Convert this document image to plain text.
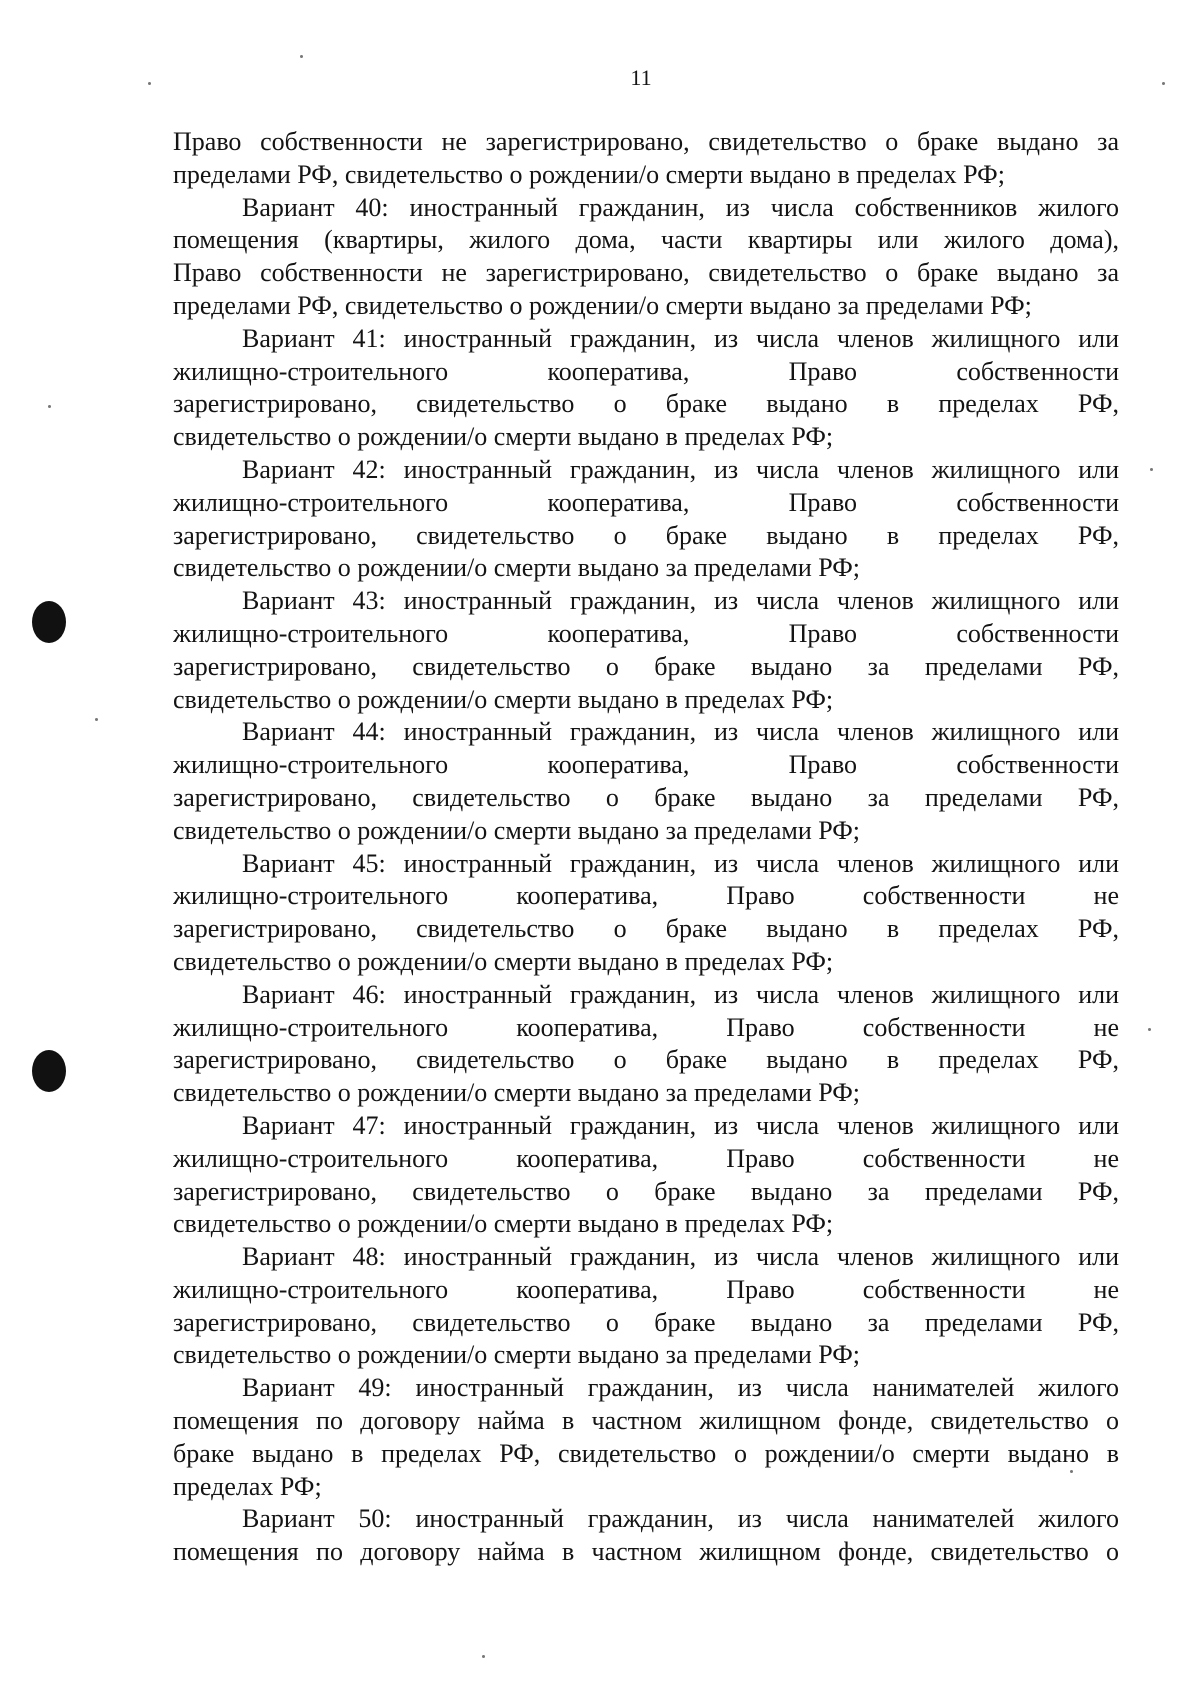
11
Право собственности не зарегистрировано, свидетельство о браке выдано за
пределами РФ, свидетельство о рождении/о смерти выдано в пределах РФ;
Вариант 40: иностранный гражданин, из числа собственников жилого
помещения (квартиры, жилого дома, части квартиры или жилого дома),
Право собственности не зарегистрировано, свидетельство о браке выдано за
пределами РФ, свидетельство о рождении/о смерти выдано за пределами РФ;
Вариант 41: иностранный гражданин, из числа членов жилищного или
жилищно-строительного кооператива, Право собственности
зарегистрировано, свидетельство о браке выдано в пределах РФ,
свидетельство о рождении/о смерти выдано в пределах РФ;
Вариант 42: иностранный гражданин, из числа членов жилищного или
жилищно-строительного кооператива, Право собственности
зарегистрировано, свидетельство о браке выдано в пределах РФ,
свидетельство о рождении/о смерти выдано за пределами РФ;
Вариант 43: иностранный гражданин, из числа членов жилищного или
жилищно-строительного кооператива, Право собственности
зарегистрировано, свидетельство о браке выдано за пределами РФ,
свидетельство о рождении/о смерти выдано в пределах РФ;
Вариант 44: иностранный гражданин, из числа членов жилищного или
жилищно-строительного кооператива, Право собственности
зарегистрировано, свидетельство о браке выдано за пределами РФ,
свидетельство о рождении/о смерти выдано за пределами РФ;
Вариант 45: иностранный гражданин, из числа членов жилищного или
жилищно-строительного кооператива, Право собственности не
зарегистрировано, свидетельство о браке выдано в пределах РФ,
свидетельство о рождении/о смерти выдано в пределах РФ;
Вариант 46: иностранный гражданин, из числа членов жилищного или
жилищно-строительного кооператива, Право собственности не
зарегистрировано, свидетельство о браке выдано в пределах РФ,
свидетельство о рождении/о смерти выдано за пределами РФ;
Вариант 47: иностранный гражданин, из числа членов жилищного или
жилищно-строительного кооператива, Право собственности не
зарегистрировано, свидетельство о браке выдано за пределами РФ,
свидетельство о рождении/о смерти выдано в пределах РФ;
Вариант 48: иностранный гражданин, из числа членов жилищного или
жилищно-строительного кооператива, Право собственности не
зарегистрировано, свидетельство о браке выдано за пределами РФ,
свидетельство о рождении/о смерти выдано за пределами РФ;
Вариант 49: иностранный гражданин, из числа нанимателей жилого
помещения по договору найма в частном жилищном фонде, свидетельство о
браке выдано в пределах РФ, свидетельство о рождении/о смерти выдано в
пределах РФ;
Вариант 50: иностранный гражданин, из числа нанимателей жилого
помещения по договору найма в частном жилищном фонде, свидетельство о
